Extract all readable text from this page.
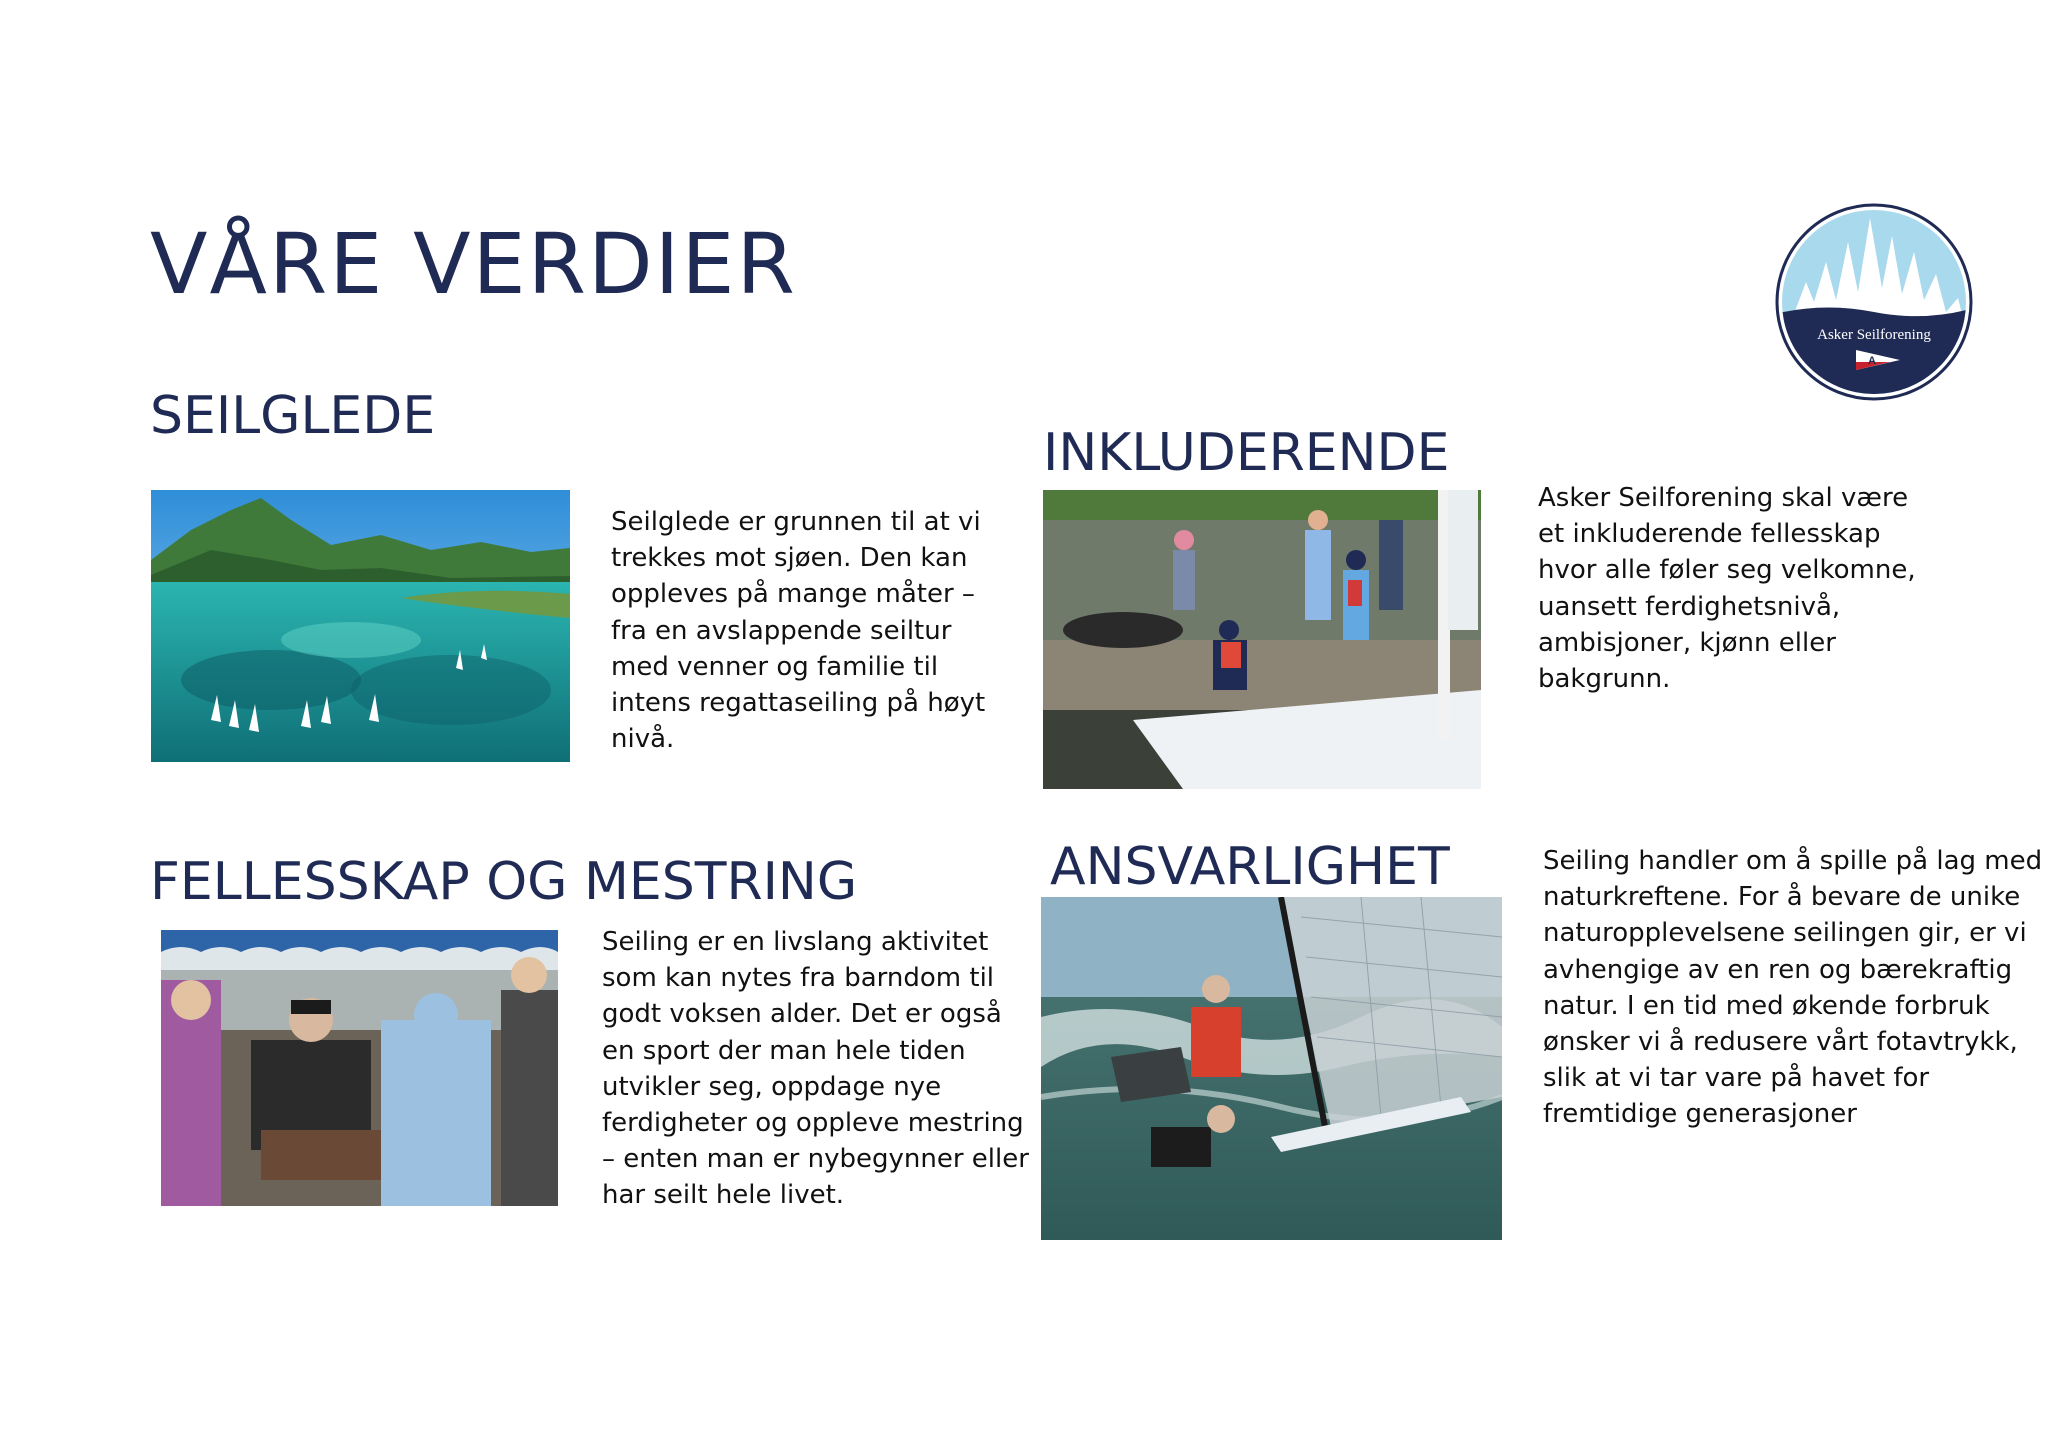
VÅRE VERDIER
Asker Seilforening
A
SEILGLEDE

Seilglede er grunnen til at vi
trekkes mot sjøen. Den kan
oppleves på mange måter –
fra en avslappende seiltur
med venner og familie til
intens regattaseiling på høyt
nivå.

INKLUDERENDE

Asker Seilforening skal være
et inkluderende fellesskap
hvor alle føler seg velkomne,
uansett ferdighetsnivå,
ambisjoner, kjønn eller
bakgrunn.

FELLESSKAP OG MESTRING

Seiling er en livslang aktivitet
som kan nytes fra barndom til
godt voksen alder. Det er også
en sport der man hele tiden
utvikler seg, oppdage nye
ferdigheter og oppleve mestring
– enten man er nybegynner eller
har seilt hele livet.

ANSVARLIGHET	Seiling handler om å spille på lag med
naturkreftene. For å bevare de unike
naturopplevelsene seilingen gir, er vi
avhengige av en ren og bærekraftig
natur. I en tid med økende forbruk
ønsker vi å redusere vårt fotavtrykk,
slik at vi tar vare på havet for
fremtidige generasjoner
